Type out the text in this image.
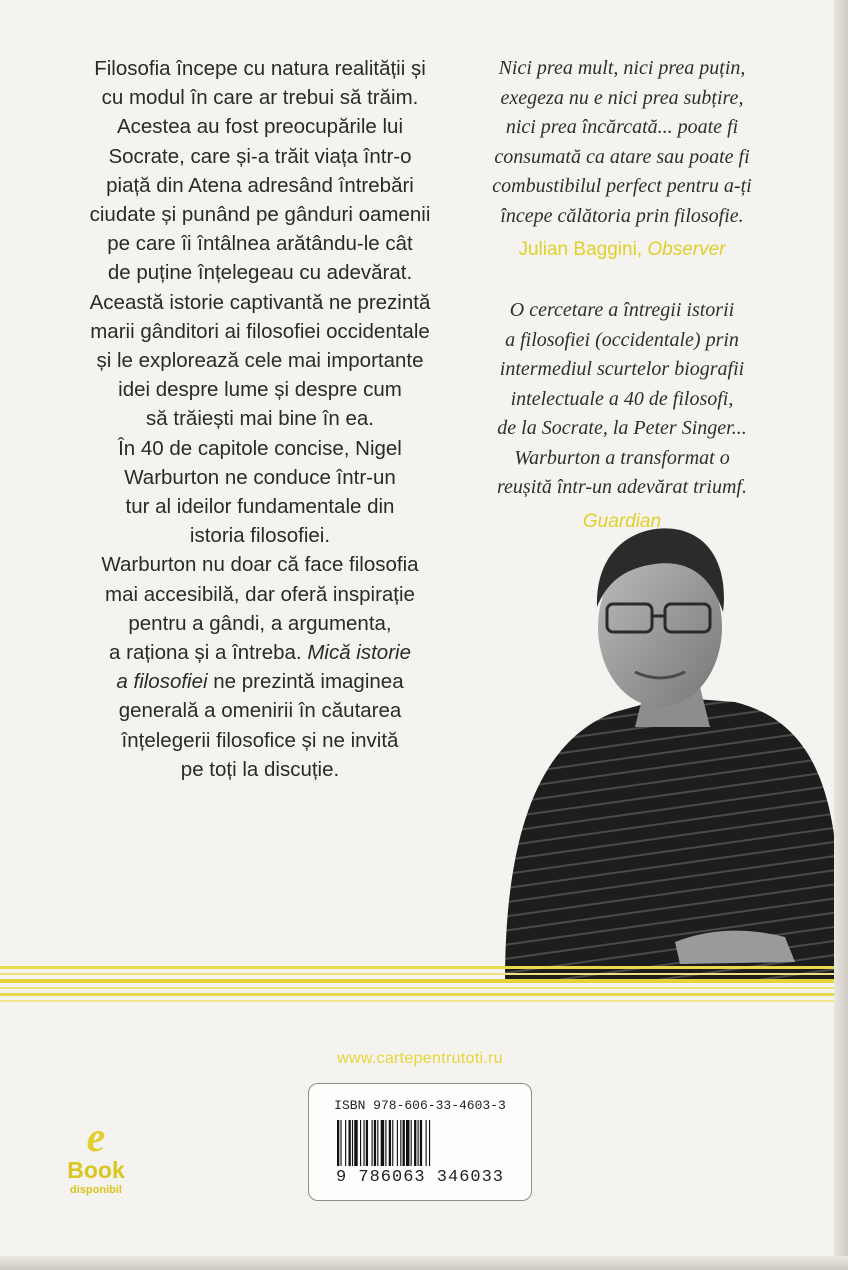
Filosofia începe cu natura realității și
cu modul în care ar trebui să trăim.
Acestea au fost preocupările lui
Socrate, care și-a trăit viața într-o
piață din Atena adresând întrebări
ciudate și punând pe gânduri oamenii
pe care îi întâlnea arătându-le cât
de puține înțelegeau cu adevărat.
Această istorie captivantă ne prezintă
marii gânditori ai filosofiei occidentale
și le explorează cele mai importante
idei despre lume și despre cum
să trăiești mai bine în ea.
În 40 de capitole concise, Nigel
Warburton ne conduce într-un
tur al ideilor fundamentale din
istoria filosofiei.
Warburton nu doar că face filosofia
mai accesibilă, dar oferă inspirație
pentru a gândi, a argumenta,
a raționa și a întreba. Mică istorie
a filosofiei ne prezintă imaginea
generală a omenirii în căutarea
înțelegerii filosofice și ne invită
pe toți la discuție.
Nici prea mult, nici prea puțin,
exegeza nu e nici prea subțire,
nici prea încărcată... poate fi
consumată ca atare sau poate fi
combustibilul perfect pentru a-ți
începe călătoria prin filosofie.
Julian Baggini, Observer
O cercetare a întregii istorii
a filosofiei (occidentale) prin
intermediul scurtelor biografii
intelectuale a 40 de filosofi,
de la Socrate, la Peter Singer...
Warburton a transformat o
reușită într-un adevărat triumf.
Guardian
www.cartepentrutoti.ru
ISBN 978-606-33-4603-3
9 786063 346033
e
Book
disponibil
